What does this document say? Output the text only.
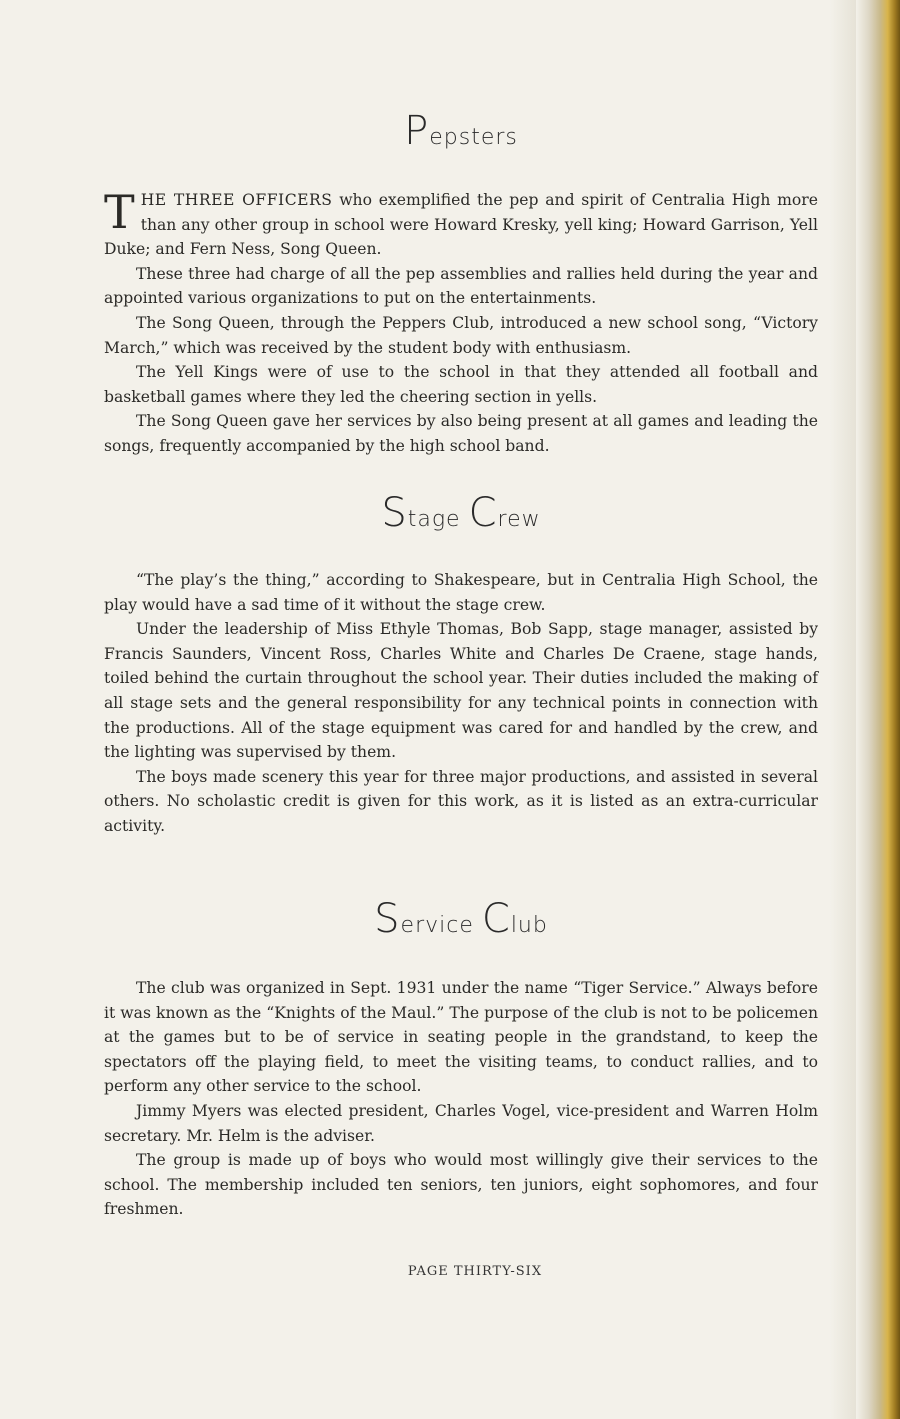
Pepsters

THE THREE OFFICERS who exemplified the pep and spirit of Centralia High more than any other group in school were Howard Kresky, yell king; Howard Garrison, Yell Duke; and Fern Ness, Song Queen.

These three had charge of all the pep assemblies and rallies held during the year and appointed various organizations to put on the entertainments.

The Song Queen, through the Peppers Club, introduced a new school song, “Victory March,” which was received by the student body with enthusiasm.

The Yell Kings were of use to the school in that they attended all football and basketball games where they led the cheering section in yells.

The Song Queen gave her services by also being present at all games and leading the songs, frequently accompanied by the high school band.

Stage Crew

“The play’s the thing,” according to Shakespeare, but in Centralia High School, the play would have a sad time of it without the stage crew.

Under the leadership of Miss Ethyle Thomas, Bob Sapp, stage manager, assisted by Francis Saunders, Vincent Ross, Charles White and Charles De Craene, stage hands, toiled behind the curtain throughout the school year. Their duties included the making of all stage sets and the general responsibility for any technical points in connection with the productions. All of the stage equipment was cared for and handled by the crew, and the lighting was supervised by them.

The boys made scenery this year for three major productions, and assisted in several others. No scholastic credit is given for this work, as it is listed as an extra-curricular activity.

Service Club

The club was organized in Sept. 1931 under the name “Tiger Service.” Always before it was known as the “Knights of the Maul.” The purpose of the club is not to be policemen at the games but to be of service in seating people in the grandstand, to keep the spectators off the playing field, to meet the visiting teams, to conduct rallies, and to perform any other service to the school.

Jimmy Myers was elected president, Charles Vogel, vice-president and Warren Holm secretary. Mr. Helm is the adviser.

The group is made up of boys who would most willingly give their services to the school. The membership included ten seniors, ten juniors, eight sophomores, and four freshmen.

PAGE THIRTY-SIX
